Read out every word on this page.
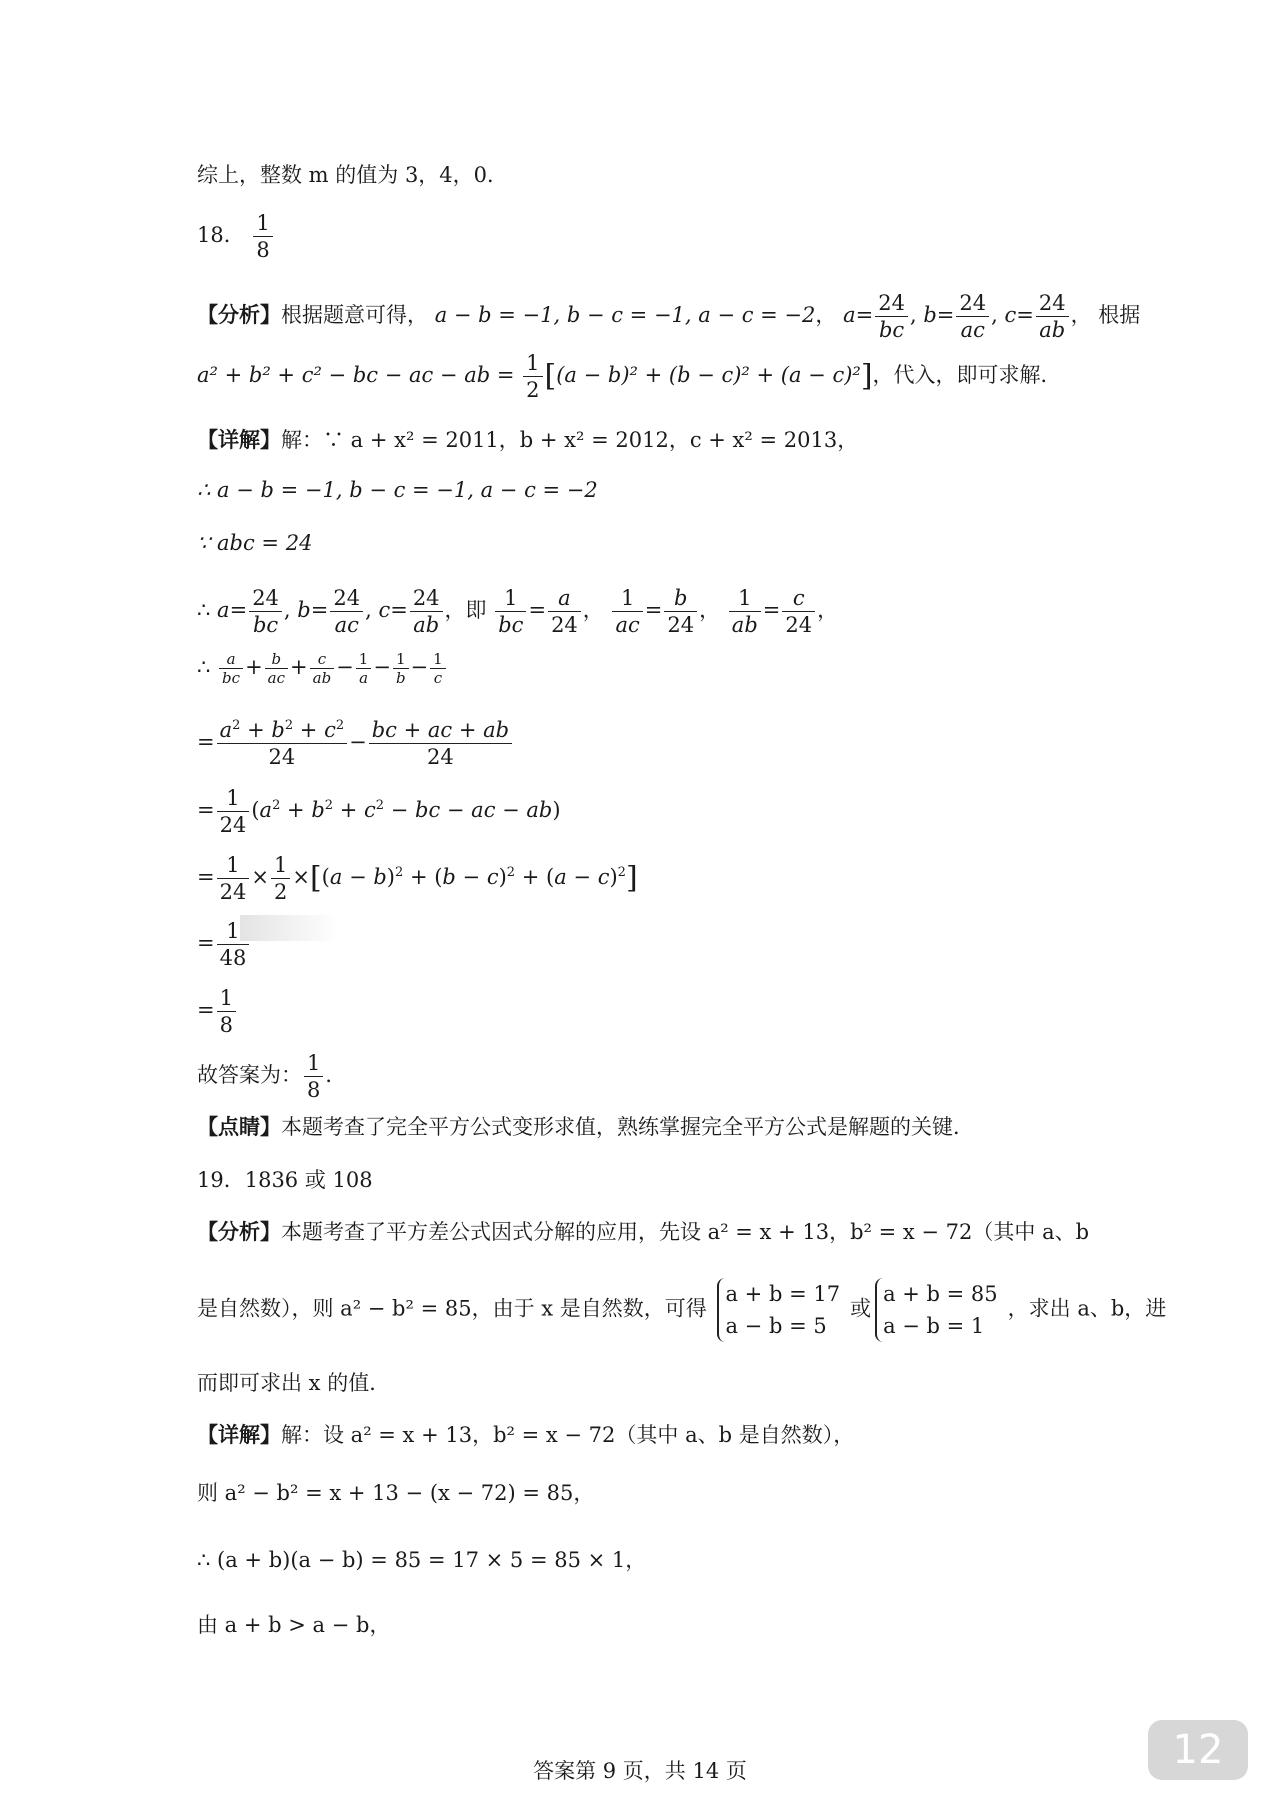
综上，整数 m 的值为 3，4，0．
18． $\frac{1}{8}$
【分析】根据题意可得， a − b = −1, b − c = −1, a − c = −2， $a= \frac{24}{bc}$ , $b= \frac{24}{ac}$ , $c= \frac{24}{ab}$ ， 根据
a² + b² + c² − bc − ac − ab = $\frac{1}{2} [(a - b)^2 + (b - c)^2 + (a - c)^2]$，代入，即可求解．
【详解】解：∵ a + x² = 2011，b + x² = 2012，c + x² = 2013，
∴ a − b = −1, b − c = −1, a − c = −2
∵ abc = 24
∴ $a= \frac{24}{bc}$ , $b= \frac{24}{ac}$ , $c= \frac{24}{ab}$ ，即 $\frac{1}{bc} = \frac{a}{24}$ ， $\frac{1}{ac} = \frac{b}{24}$ ， $\frac{1}{ab} = \frac{c}{24}$ ，
∴ $\frac{a}{bc} + \frac{b}{ac} + \frac{c}{ab} - \frac{1}{a} - \frac{1}{b} - \frac{1}{c}$
= $\frac{a^2 + b^2 + c^2}{24} - \frac{bc + ac + ab}{24}$
= $\frac{1}{24} (a^2 + b^2 + c^2$ − bc − ac − ab)
= $\frac{1}{24} \times \frac{1}{2} \times[(a - b)^2 + (b - c)^2 + (a - c)^2]$
= $\frac{1}{48}$
= $\frac{1}{8}$
故答案为： $\frac{1}{8}$ ．
【点睛】本题考查了完全平方公式变形求值，熟练掌握完全平方公式是解题的关键．
19．1836 或 108
【分析】本题考查了平方差公式因式分解的应用，先设 a² = x + 13，b² = x − 72（其中 a、b
是自然数），则 a² − b² = 85，由于 x 是自然数，可得
a + b = 17
a − b = 5
或
a + b = 85
a − b = 1
，求出 a、b，进
而即可求出 x 的值．
【详解】解：设 a² = x + 13，b² = x − 72（其中 a、b 是自然数），
则 a² − b² = x + 13 − (x − 72) = 85，
∴ (a + b)(a − b) = 85 = 17 × 5 = 85 × 1，
由 a + b > a − b，
答案第 9 页，共 14 页	12
